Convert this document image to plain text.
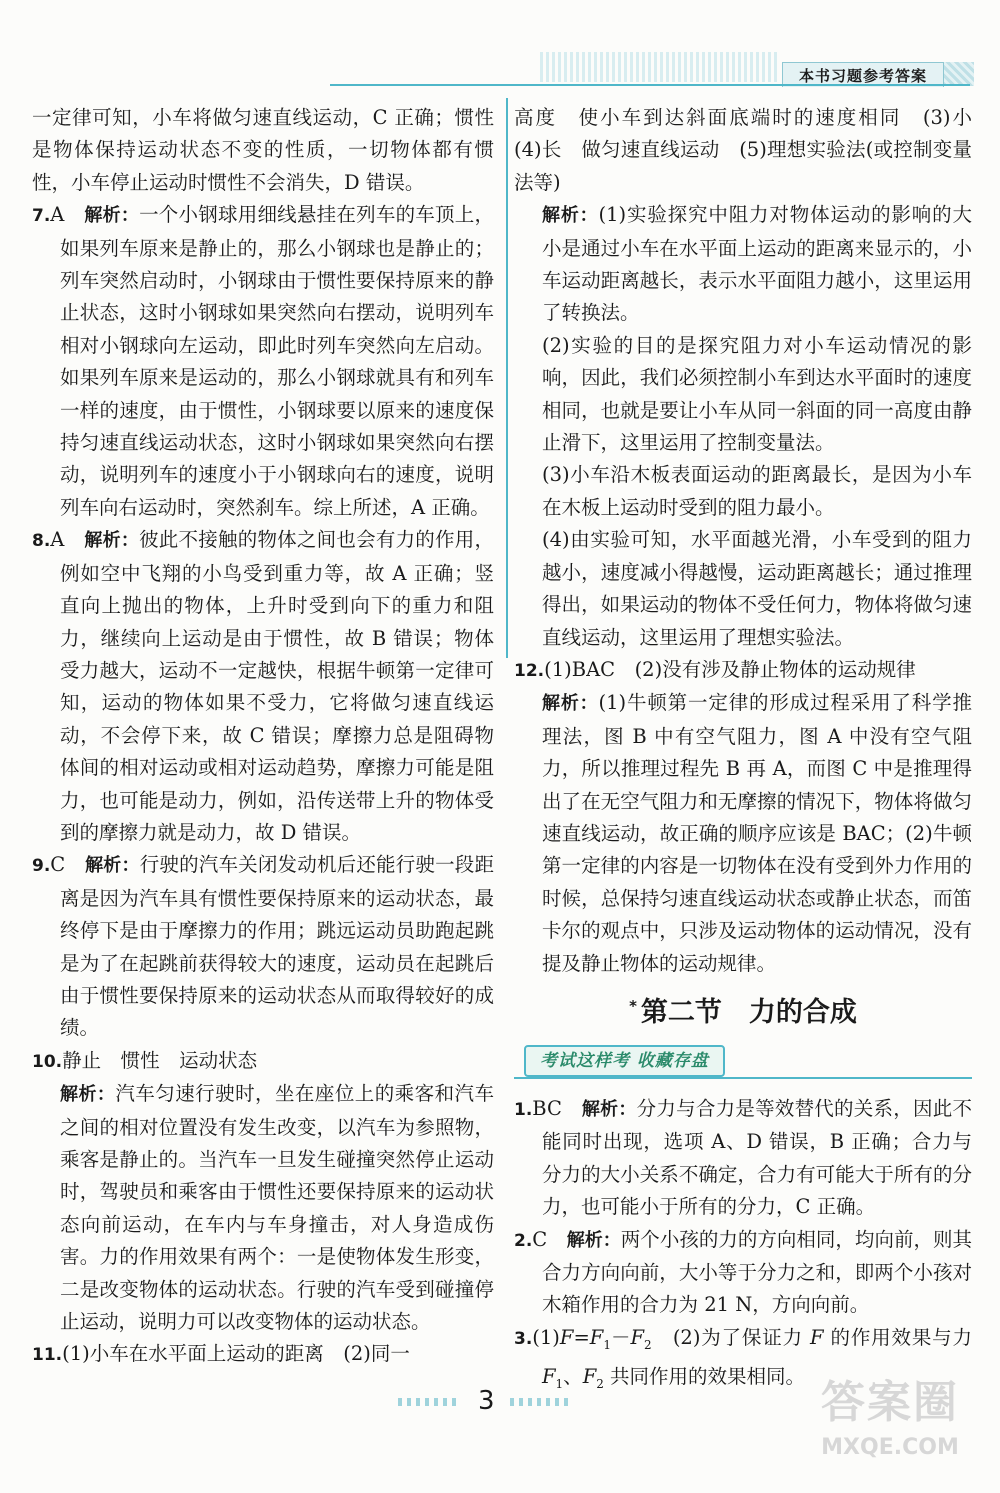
本书习题参考答案

一定律可知，小车将做匀速直线运动，C 正确；惯性是物体保持运动状态不变的性质，一切物体都有惯性，小车停止运动时惯性不会消失，D 错误。

7.A　 解析：一个小钢球用细线悬挂在列车的车顶上，如果列车原来是静止的，那么小钢球也是静止的；列车突然启动时，小钢球由于惯性要保持原来的静止状态，这时小钢球如果突然向右摆动，说明列车相对小钢球向左运动，即此时列车突然向左启动。如果列车原来是运动的，那么小钢球就具有和列车一样的速度，由于惯性，小钢球要以原来的速度保持匀速直线运动状态，这时小钢球如果突然向右摆动，说明列车的速度小于小钢球向右的速度，说明列车向右运动时，突然刹车。综上所述，A 正确。

8.A　 解析：彼此不接触的物体之间也会有力的作用，例如空中飞翔的小鸟受到重力等，故 A 正确；竖直向上抛出的物体，上升时受到向下的重力和阻力，继续向上运动是由于惯性，故 B 错误；物体受力越大，运动不一定越快，根据牛顿第一定律可知，运动的物体如果不受力，它将做匀速直线运动，不会停下来，故 C 错误；摩擦力总是阻碍物体间的相对运动或相对运动趋势，摩擦力可能是阻力，也可能是动力，例如，沿传送带上升的物体受到的摩擦力就是动力，故 D 错误。

9.C　 解析：行驶的汽车关闭发动机后还能行驶一段距离是因为汽车具有惯性要保持原来的运动状态，最终停下是由于摩擦力的作用；跳远运动员助跑起跳是为了在起跳前获得较大的速度，运动员在起跳后由于惯性要保持原来的运动状态从而取得较好的成绩。

10.静止　惯性　运动状态

解析：汽车匀速行驶时，坐在座位上的乘客和汽车之间的相对位置没有发生改变，以汽车为参照物，乘客是静止的。当汽车一旦发生碰撞突然停止运动时，驾驶员和乘客由于惯性还要保持原来的运动状态向前运动，在车内与车身撞击，对人身造成伤害。力的作用效果有两个：一是使物体发生形变，二是改变物体的运动状态。行驶的汽车受到碰撞停止运动，说明力可以改变物体的运动状态。

11.(1)小车在水平面上运动的距离　(2)同一

高度　使小车到达斜面底端时的速度相同　(3)小　(4)长　做匀速直线运动　(5)理想实验法(或控制变量法等)

解析：(1)实验探究中阻力对物体运动的影响的大小是通过小车在水平面上运动的距离来显示的，小车运动距离越长，表示水平面阻力越小，这里运用了转换法。

(2)实验的目的是探究阻力对小车运动情况的影响，因此，我们必须控制小车到达水平面时的速度相同，也就是要让小车从同一斜面的同一高度由静止滑下，这里运用了控制变量法。

(3)小车沿木板表面运动的距离最长，是因为小车在木板上运动时受到的阻力最小。

(4)由实验可知，水平面越光滑，小车受到的阻力越小，速度减小得越慢，运动距离越长；通过推理得出，如果运动的物体不受任何力，物体将做匀速直线运动，这里运用了理想实验法。

12.(1)BAC　(2)没有涉及静止物体的运动规律

解析：(1)牛顿第一定律的形成过程采用了科学推理法，图 B 中有空气阻力，图 A 中没有空气阻力，所以推理过程先 B 再 A，而图 C 中是推理得出了在无空气阻力和无摩擦的情况下，物体将做匀速直线运动，故正确的顺序应该是 BAC；(2)牛顿第一定律的内容是一切物体在没有受到外力作用的时候，总保持匀速直线运动状态或静止状态，而笛卡尔的观点中，只涉及运动物体的运动情况，没有提及静止物体的运动规律。

* 第二节　力的合成
考试这样考 收藏存盘

1.BC　 解析：分力与合力是等效替代的关系，因此不能同时出现，选项 A、D 错误，B 正确；合力与分力的大小关系不确定，合力有可能大于所有的分力，也可能小于所有的分力，C 正确。

2.C　 解析：两个小孩的力的方向相同，均向前，则其合力方向向前，大小等于分力之和，即两个小孩对木箱作用的合力为 21 N，方向向前。

$3.(1)F=F_1-F_2$　(2)为了保证力 F 的作用效果与力 $F_1$、$F_2$ 共同作用的效果相同。

3	答案圈
MXQE.COM
